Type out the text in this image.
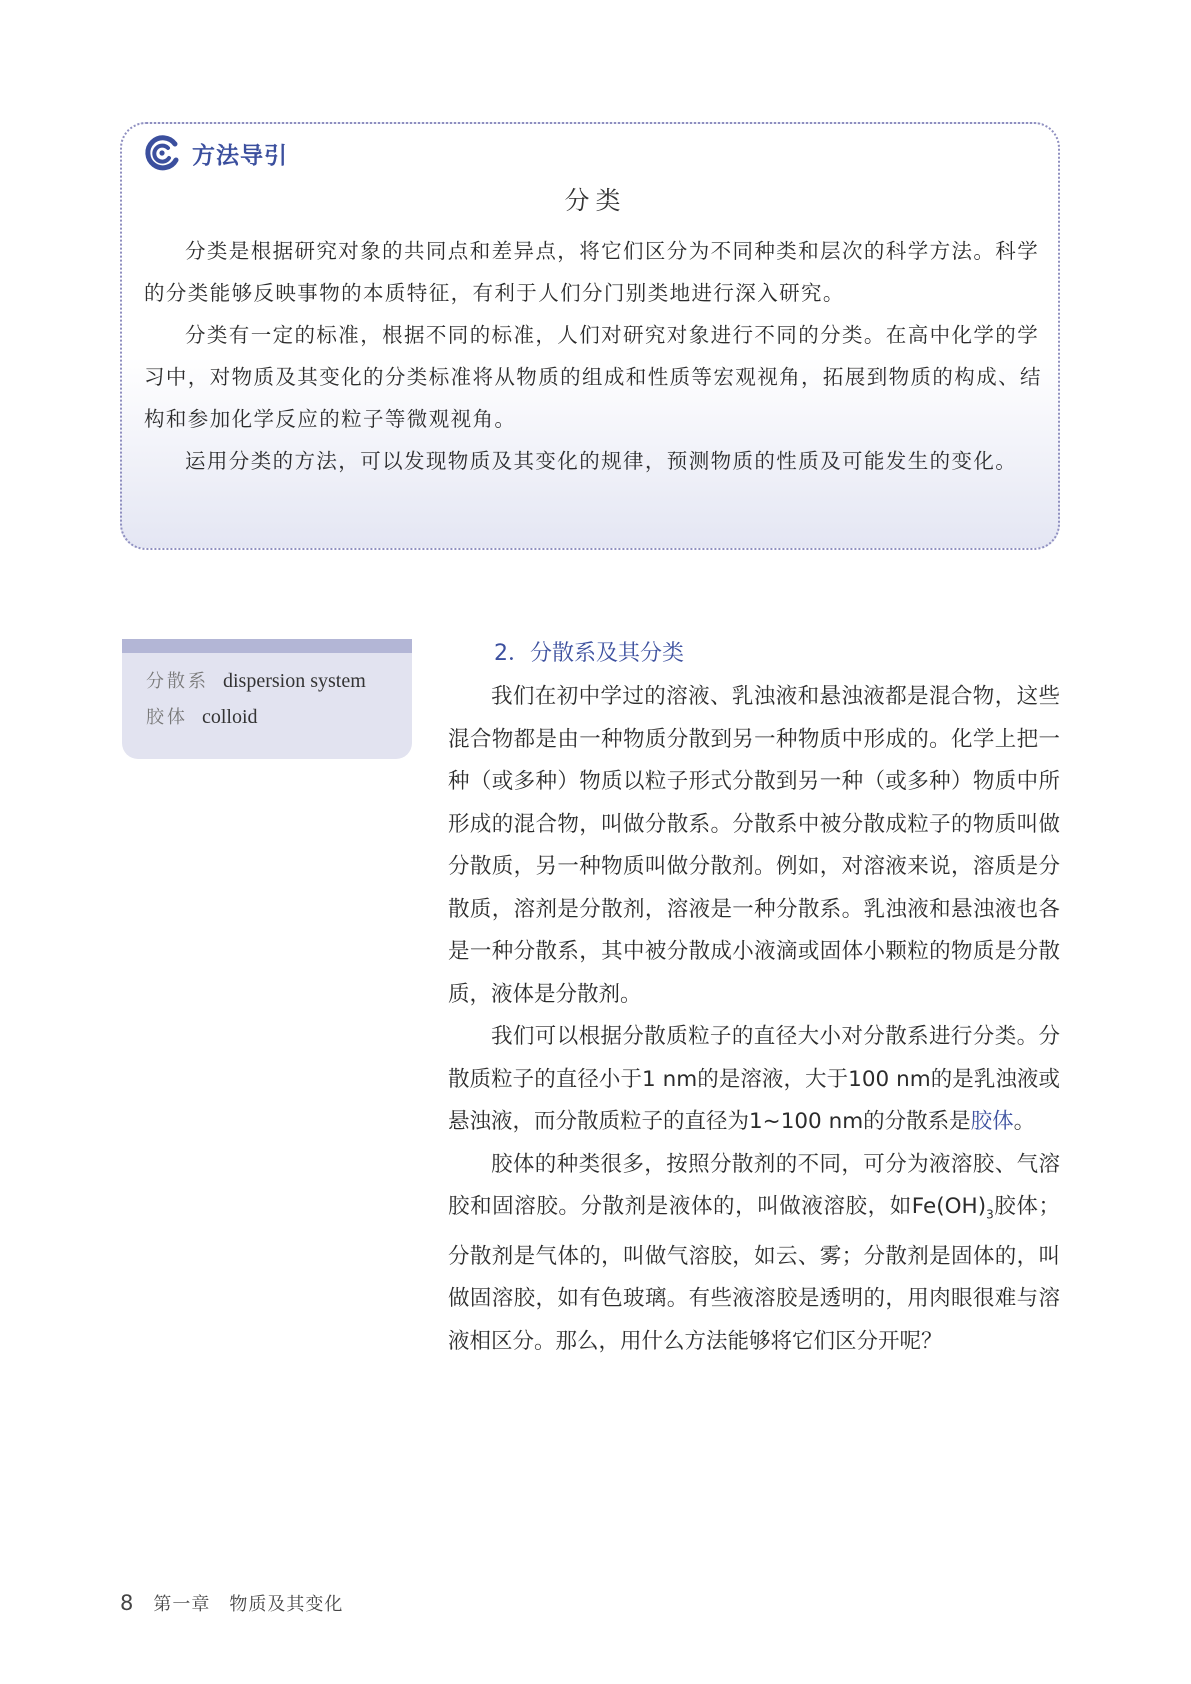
方法导引
分类

分类是根据研究对象的共同点和差异点，将它们区分为不同种类和层次的科学方法。科学的分类能够反映事物的本质特征，有利于人们分门别类地进行深入研究。

分类有一定的标准，根据不同的标准，人们对研究对象进行不同的分类。在高中化学的学习中，对物质及其变化的分类标准将从物质的组成和性质等宏观视角，拓展到物质的构成、结构和参加化学反应的粒子等微观视角。

运用分类的方法，可以发现物质及其变化的规律，预测物质的性质及可能发生的变化。

分散系 dispersion system
胶体 colloid
2．分散系及其分类

我们在初中学过的溶液、乳浊液和悬浊液都是混合物，这些混合物都是由一种物质分散到另一种物质中形成的。化学上把一种（或多种）物质以粒子形式分散到另一种（或多种）物质中所形成的混合物，叫做分散系。分散系中被分散成粒子的物质叫做分散质，另一种物质叫做分散剂。例如，对溶液来说，溶质是分散质，溶剂是分散剂，溶液是一种分散系。乳浊液和悬浊液也各是一种分散系，其中被分散成小液滴或固体小颗粒的物质是分散质，液体是分散剂。

我们可以根据分散质粒子的直径大小对分散系进行分类。分散质粒子的直径小于1 nm的是溶液，大于100 nm的是乳浊液或悬浊液，而分散质粒子的直径为1~100 nm的分散系是胶体。

胶体的种类很多，按照分散剂的不同，可分为液溶胶、气溶胶和固溶胶。分散剂是液体的，叫做液溶胶，如$Fe(OH)_3$胶体；分散剂是气体的，叫做气溶胶，如云、雾；分散剂是固体的，叫做固溶胶，如有色玻璃。有些液溶胶是透明的，用肉眼很难与溶液相区分。那么，用什么方法能够将它们区分开呢？

8 第一章　物质及其变化
